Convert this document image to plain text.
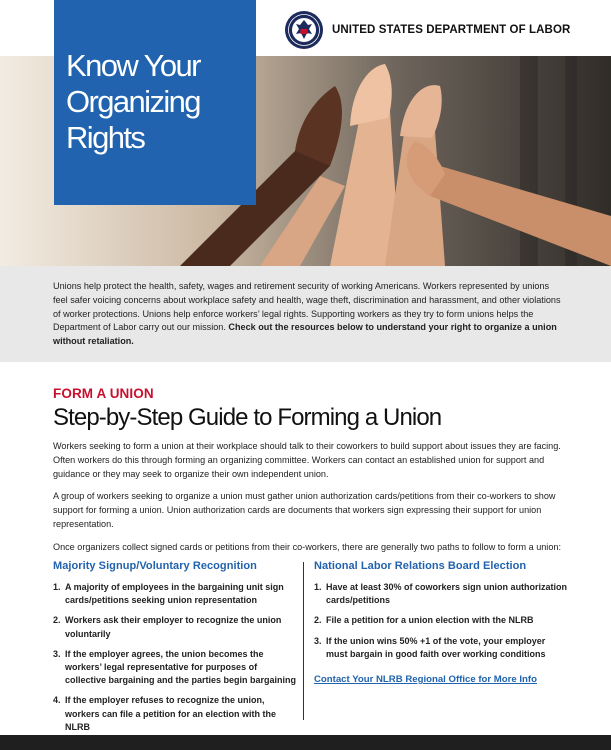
Know Your
Organizing
Rights
UNITED STATES DEPARTMENT OF LABOR

Unions help protect the health, safety, wages and retirement security of working Americans. Workers represented by unions feel safer voicing concerns about workplace safety and health, wage theft, discrimination and harassment, and other violations of worker protections. Unions help enforce workers’ legal rights. Supporting workers as they try to form unions helps the Department of Labor carry out our mission. Check out the resources below to understand your right to organize a union without retaliation.

FORM A UNION
Step-by-Step Guide to Forming a Union

Workers seeking to form a union at their workplace should talk to their coworkers to build support about issues they are facing. Often workers do this through forming an organizing committee. Workers can contact an established union for support and guidance or they may seek to organize their own independent union.

A group of workers seeking to organize a union must gather union authorization cards/petitions from their co-workers to show support for forming a union. Union authorization cards are documents that workers sign expressing their support for union representation.

Once organizers collect signed cards or petitions from their co-workers, there are generally two paths to follow to form a union:

Majority Signup/Voluntary Recognition
1. A majority of employees in the bargaining unit sign cards/petitions seeking union representation
2. Workers ask their employer to recognize the union voluntarily
3. If the employer agrees, the union becomes the workers’ legal representative for purposes of collective bargaining and the parties begin bargaining
4. If the employer refuses to recognize the union, workers can file a petition for an election with the NLRB
National Labor Relations Board Election
1. Have at least 30% of coworkers sign union authorization cards/petitions
2. File a petition for a union election with the NLRB
3. If the union wins 50% +1 of the vote, your employer must bargain in good faith over working conditions
Contact Your NLRB Regional Office for More Info
